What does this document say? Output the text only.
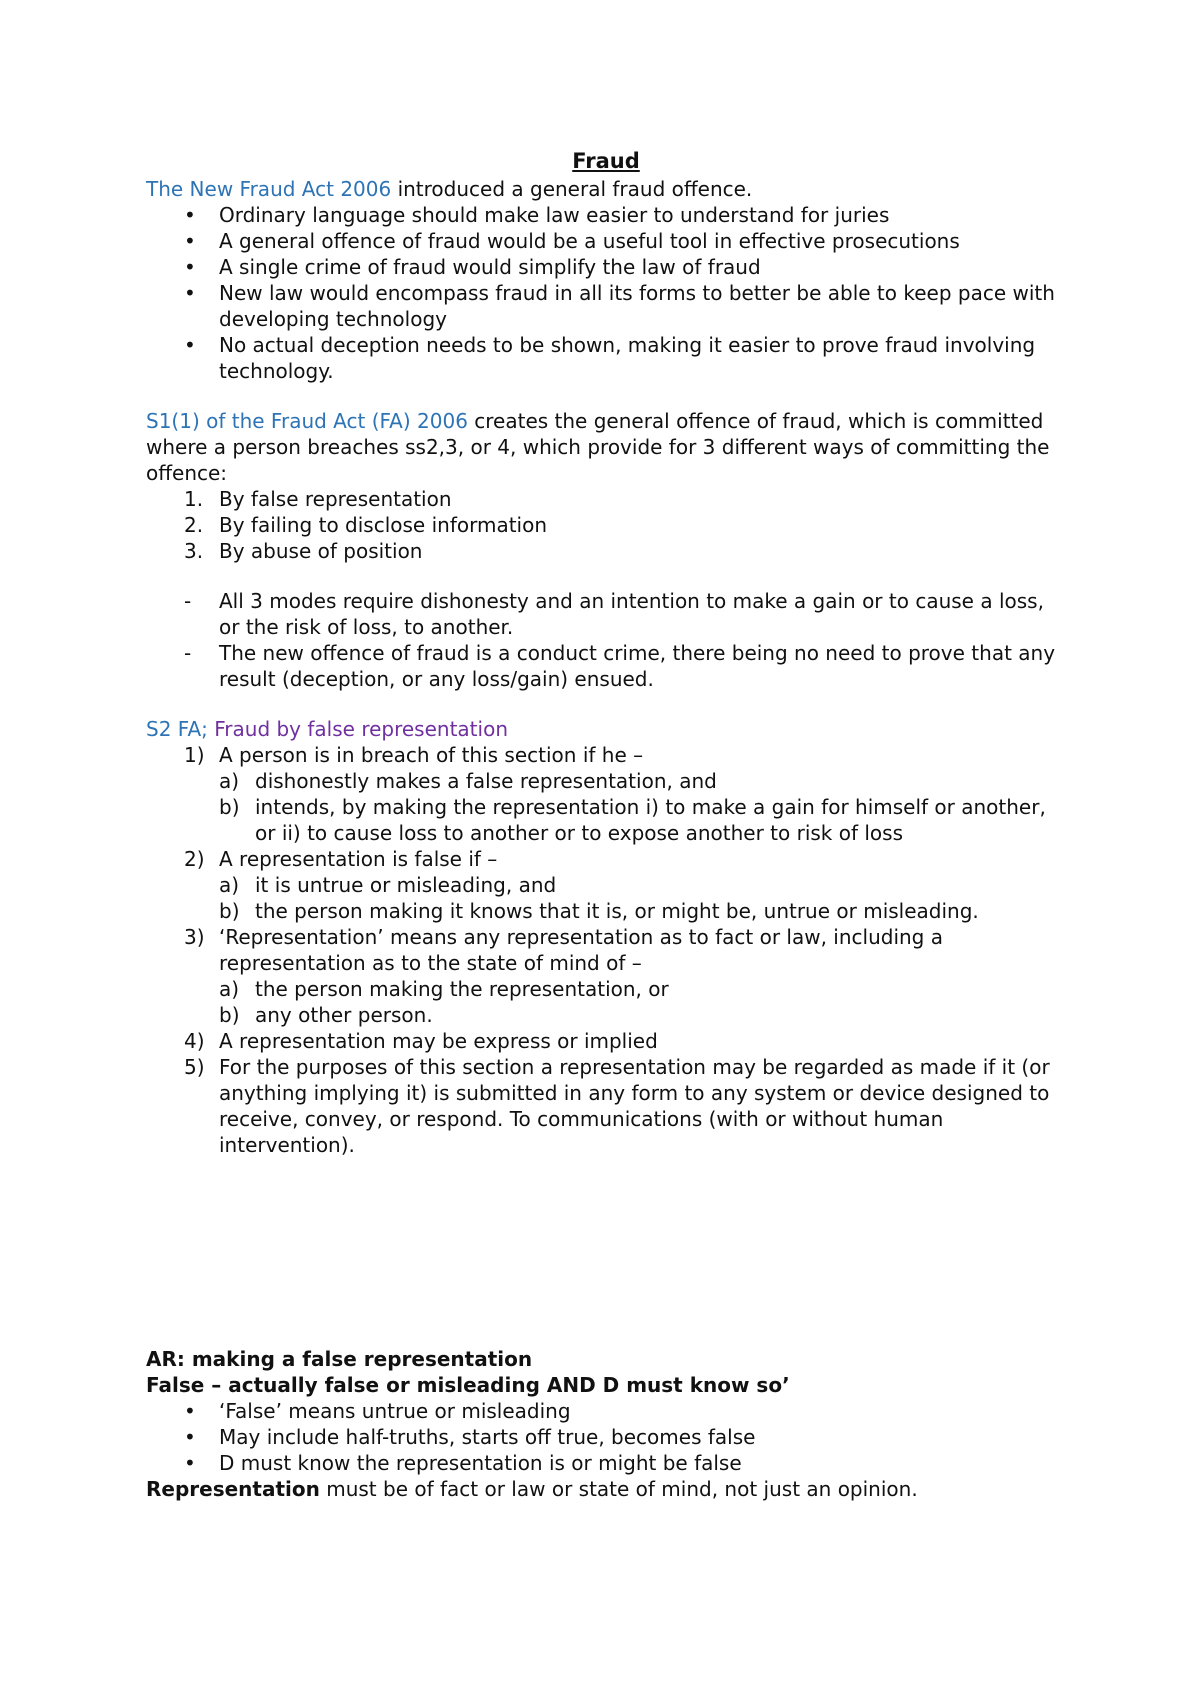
Fraud

The New Fraud Act 2006 introduced a general fraud offence.

•	Ordinary language should make law easier to understand for juries
•	A general offence of fraud would be a useful tool in effective prosecutions
•	A single crime of fraud would simplify the law of fraud
•	New law would encompass fraud in all its forms to better be able to keep pace with developing technology
•	No actual deception needs to be shown, making it easier to prove fraud involving technology.

S1(1) of the Fraud Act (FA) 2006 creates the general offence of fraud, which is committed where a person breaches ss2,3, or 4, which provide for 3 different ways of committing the offence:

1. By false representation
2. By failing to disclose information
3. By abuse of position
-	All 3 modes require dishonesty and an intention to make a gain or to cause a loss, or the risk of loss, to another.
-	The new offence of fraud is a conduct crime, there being no need to prove that any result (deception, or any loss/gain) ensued.

S2 FA; Fraud by false representation

1) A person is in breach of this section if he –
a) dishonestly makes a false representation, and
b) intends, by making the representation i) to make a gain for himself or another, or ii) to cause loss to another or to expose another to risk of loss
2) A representation is false if –
a) it is untrue or misleading, and
b) the person making it knows that it is, or might be, untrue or misleading.
3) ‘Representation’ means any representation as to fact or law, including a representation as to the state of mind of –
a) the person making the representation, or
b) any other person.
4) A representation may be express or implied
5) For the purposes of this section a representation may be regarded as made if it (or anything implying it) is submitted in any form to any system or device designed to receive, convey, or respond. To communications (with or without human intervention).

AR: making a false representation

False – actually false or misleading AND D must know so’

•	‘False’ means untrue or misleading
•	May include half-truths, starts off true, becomes false
•	D must know the representation is or might be false

Representation must be of fact or law or state of mind, not just an opinion.
